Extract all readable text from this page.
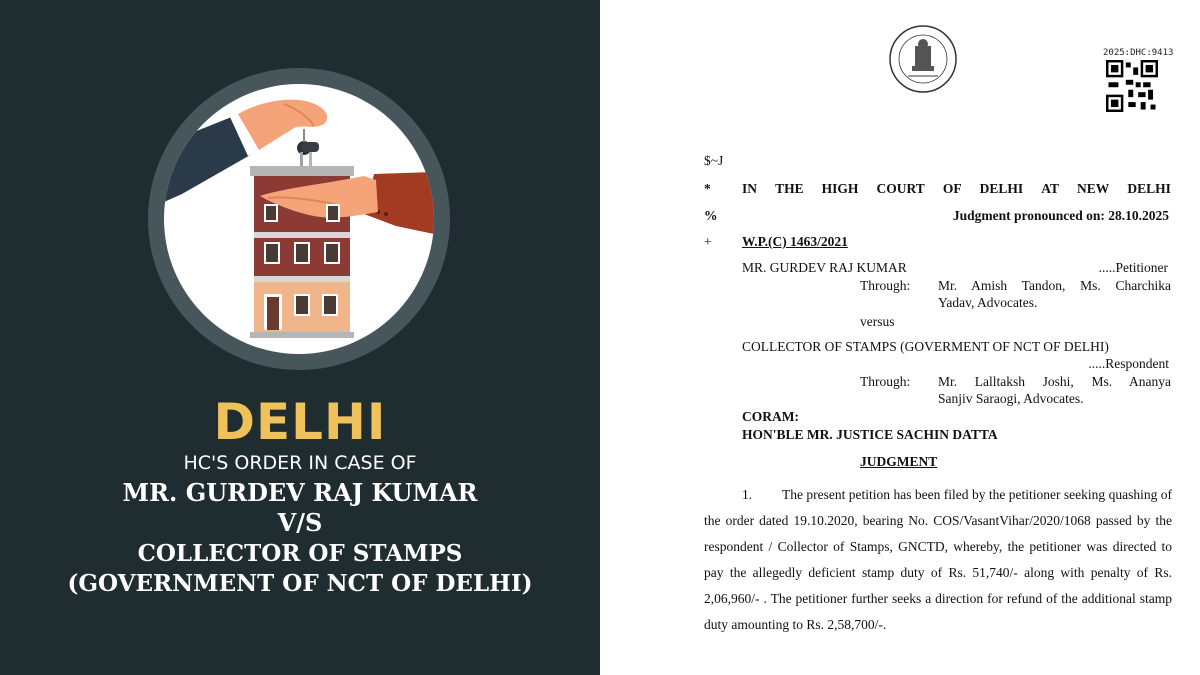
DELHI
HC'S ORDER IN CASE OF
MR. GURDEV RAJ KUMAR
V/S
COLLECTOR OF STAMPS
(GOVERNMENT OF NCT OF DELHI)
2025:DHC:9413
$~J
* IN THE HIGH COURT OF DELHI AT NEW DELHI
%	Judgment pronounced on: 28.10.2025
+ W.P.(C) 1463/2021
MR. GURDEV RAJ KUMAR	.....Petitioner
Through: Mr. Amish Tandon, Ms. Charchika
Yadav, Advocates.
versus
COLLECTOR OF STAMPS (GOVERMENT OF NCT OF DELHI)
.....Respondent
Through: Mr. Lalltaksh Joshi, Ms. Ananya
Sanjiv Saraogi, Advocates.
CORAM:
HON'BLE MR. JUSTICE SACHIN DATTA
JUDGMENT
1. The present petition has been filed by the petitioner seeking quashing of the order dated 19.10.2020, bearing No. COS/VasantVihar/2020/1068 passed by the respondent / Collector of Stamps, GNCTD, whereby, the petitioner was directed to pay the allegedly deficient stamp duty of Rs. 51,740/- along with penalty of Rs. 2,06,960/- . The petitioner further seeks a direction for refund of the additional stamp duty amounting to Rs. 2,58,700/-.
